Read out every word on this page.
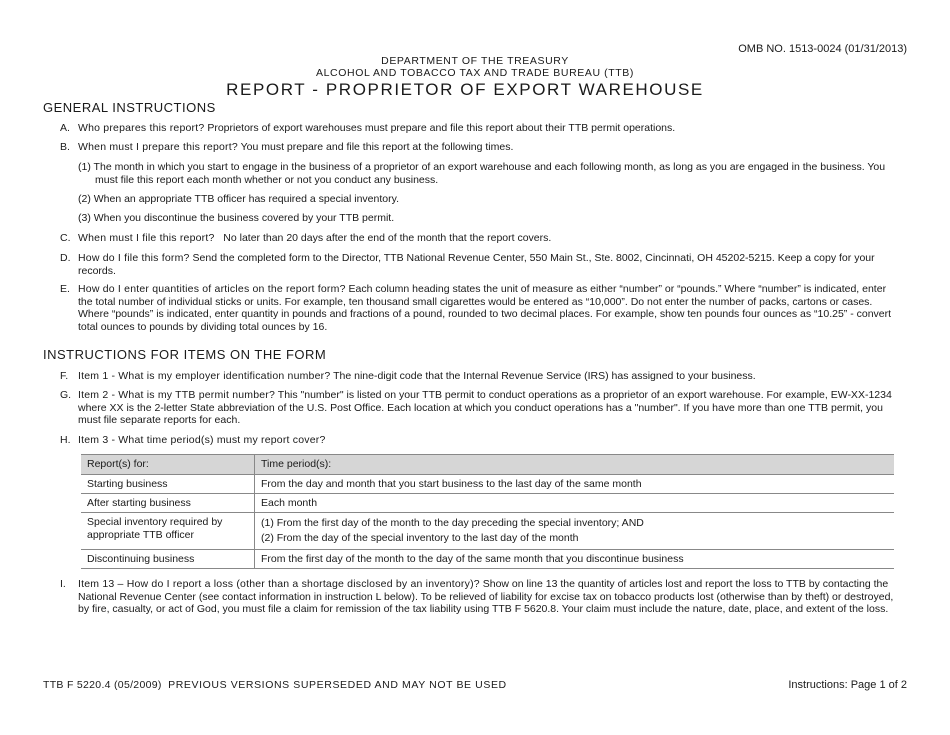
OMB NO. 1513-0024 (01/31/2013)
DEPARTMENT OF THE TREASURY
ALCOHOL AND TOBACCO TAX AND TRADE BUREAU (TTB)
REPORT - PROPRIETOR OF EXPORT WAREHOUSE
GENERAL INSTRUCTIONS
A. Who prepares this report? Proprietors of export warehouses must prepare and file this report about their TTB permit operations.
B. When must I prepare this report? You must prepare and file this report at the following times.
(1) The month in which you start to engage in the business of a proprietor of an export warehouse and each following month, as long as you are engaged in the business. You must file this report each month whether or not you conduct any business.
(2) When an appropriate TTB officer has required a special inventory.
(3) When you discontinue the business covered by your TTB permit.
C. When must I file this report?   No later than 20 days after the end of the month that the report covers.
D. How do I file this form? Send the completed form to the Director, TTB National Revenue Center, 550 Main St., Ste. 8002, Cincinnati, OH 45202-5215. Keep a copy for your records.
E. How do I enter quantities of articles on the report form? Each column heading states the unit of measure as either “number” or “pounds.” Where “number” is indicated, enter the total number of individual sticks or units. For example, ten thousand small cigarettes would be entered as “10,000”. Do not enter the number of packs, cartons or cases. Where “pounds” is indicated, enter quantity in pounds and fractions of a pound, rounded to two decimal places. For example, show ten pounds four ounces as “10.25” - convert total ounces to pounds by dividing total ounces by 16.
INSTRUCTIONS FOR ITEMS ON THE FORM
F. Item 1 - What is my employer identification number? The nine-digit code that the Internal Revenue Service (IRS) has assigned to your business.
G. Item 2 - What is my TTB permit number? This "number" is listed on your TTB permit to conduct operations as a proprietor of an export warehouse. For example, EW-XX-1234 where XX is the 2-letter State abbreviation of the U.S. Post Office. Each location at which you conduct operations has a "number". If you have more than one TTB permit, you must file separate reports for each.
H. Item 3 - What time period(s) must my report cover?
Report(s) for:	Time period(s):
Starting business	From the day and month that you start business to the last day of the same month
After starting business	Each month
Special inventory required by appropriate TTB officer	(1) From the first day of the month to the day preceding the special inventory; AND
(2) From the day of the special inventory to the last day of the month

Discontinuing business	From the first day of the month to the day of the same month that you discontinue business
I.	Item 13 – How do I report a loss (other than a shortage disclosed by an inventory)? Show on line 13 the quantity of articles lost and report the loss to TTB by contacting the National Revenue Center (see contact information in instruction L below). To be relieved of liability for excise tax on tobacco products lost (otherwise than by theft) or destroyed, by fire, casualty, or act of God, you must file a claim for remission of the tax liability using TTB F 5620.8. Your claim must include the nature, date, place, and extent of the loss.
TTB F 5220.4 (05/2009) PREVIOUS VERSIONS SUPERSEDED AND MAY NOT BE USED	Instructions: Page 1 of 2
